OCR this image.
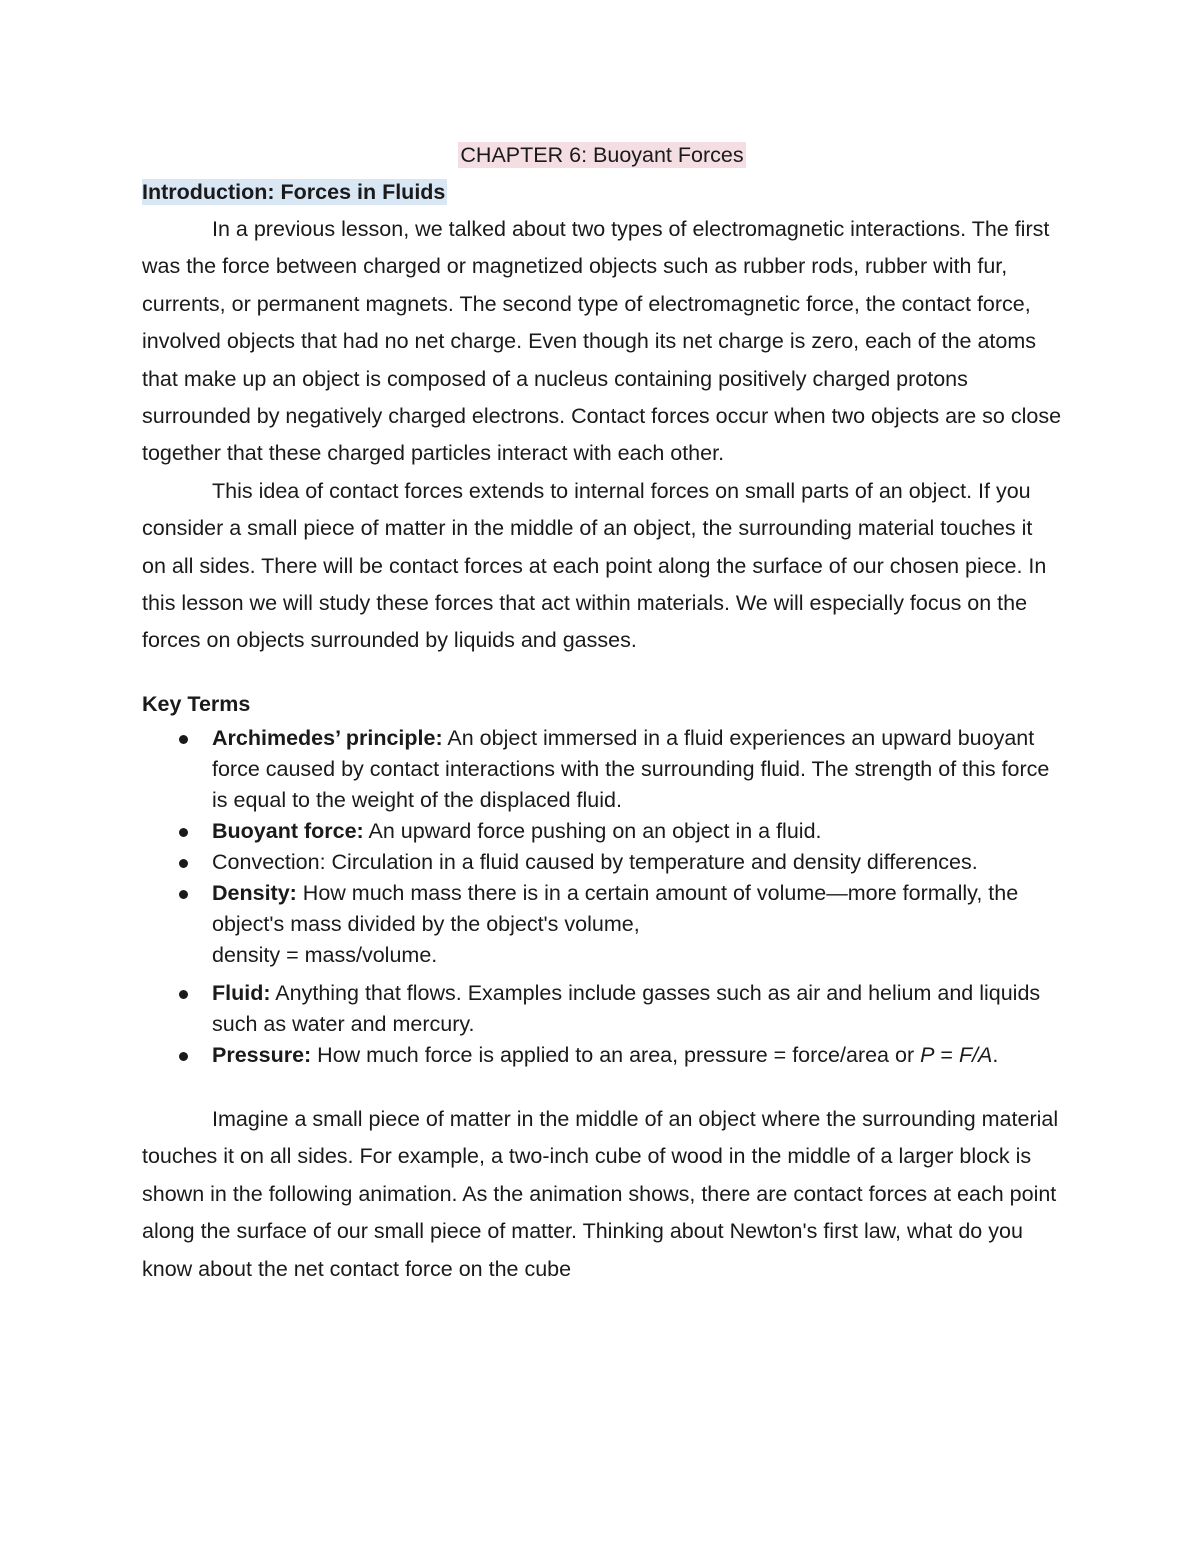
CHAPTER 6: Buoyant Forces
Introduction: Forces in Fluids

In a previous lesson, we talked about two types of electromagnetic interactions. The first was the force between charged or magnetized objects such as rubber rods, rubber with fur, currents, or permanent magnets. The second type of electromagnetic force, the contact force, involved objects that had no net charge. Even though its net charge is zero, each of the atoms that make up an object is composed of a nucleus containing positively charged protons surrounded by negatively charged electrons. Contact forces occur when two objects are so close together that these charged particles interact with each other.

This idea of contact forces extends to internal forces on small parts of an object. If you consider a small piece of matter in the middle of an object, the surrounding material touches it on all sides. There will be contact forces at each point along the surface of our chosen piece. In this lesson we will study these forces that act within materials. We will especially focus on the forces on objects surrounded by liquids and gasses.

Key Terms
Archimedes’ principle: An object immersed in a fluid experiences an upward buoyant force caused by contact interactions with the surrounding fluid. The strength of this force is equal to the weight of the displaced fluid.
Buoyant force: An upward force pushing on an object in a fluid.
Convection: Circulation in a fluid caused by temperature and density differences.
Density: How much mass there is in a certain amount of volume—more formally, the object's mass divided by the object's volume,
density = mass/volume.
Fluid: Anything that flows. Examples include gasses such as air and helium and liquids such as water and mercury.
Pressure: How much force is applied to an area, pressure = force/area or P = F/A.

Imagine a small piece of matter in the middle of an object where the surrounding material touches it on all sides. For example, a two-inch cube of wood in the middle of a larger block is shown in the following animation. As the animation shows, there are contact forces at each point along the surface of our small piece of matter. Thinking about Newton's first law, what do you know about the net contact force on the cube
